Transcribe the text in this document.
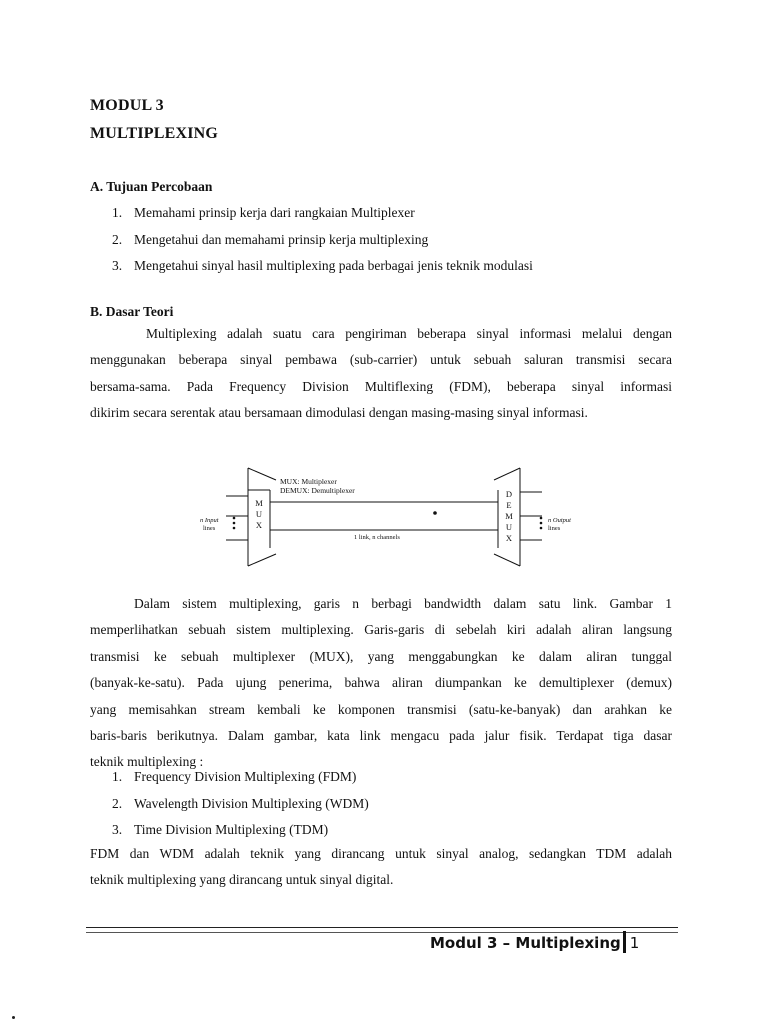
MODUL 3
MULTIPLEXING
A. Tujuan Percobaan
1. Memahami prinsip kerja dari rangkaian Multiplexer
2. Mengetahui dan memahami prinsip kerja multiplexing
3. Mengetahui sinyal hasil multiplexing pada berbagai jenis teknik modulasi
B. Dasar Teori
Multiplexing adalah suatu cara pengiriman beberapa sinyal informasi melalui dengan
menggunakan beberapa sinyal pembawa (sub-carrier) untuk sebuah saluran transmisi secara
bersama-sama. Pada Frequency Division Multiflexing (FDM), beberapa sinyal informasi
dikirim secara serentak atau bersamaan dimodulasi dengan masing-masing sinyal informasi.
MUX: Multiplexer
DEMUX: Demultiplexer
M
U
X
D
E
M
U
X
n Input
lines
n Output
lines
1 link, n channels
Dalam sistem multiplexing, garis n berbagi bandwidth dalam satu link. Gambar 1
memperlihatkan sebuah sistem multiplexing. Garis-garis di sebelah kiri adalah aliran langsung
transmisi ke sebuah multiplexer (MUX), yang menggabungkan ke dalam aliran tunggal
(banyak-ke-satu). Pada ujung penerima, bahwa aliran diumpankan ke demultiplexer (demux)
yang memisahkan stream kembali ke komponen transmisi (satu-ke-banyak) dan arahkan ke
baris-baris berikutnya. Dalam gambar, kata link mengacu pada jalur fisik. Terdapat tiga dasar
teknik multiplexing :
1. Frequency Division Multiplexing (FDM)
2. Wavelength Division Multiplexing (WDM)
3. Time Division Multiplexing (TDM)
FDM dan WDM adalah teknik yang dirancang untuk sinyal analog, sedangkan TDM adalah
teknik multiplexing yang dirancang untuk sinyal digital.
Modul 3 – Multiplexing 1
